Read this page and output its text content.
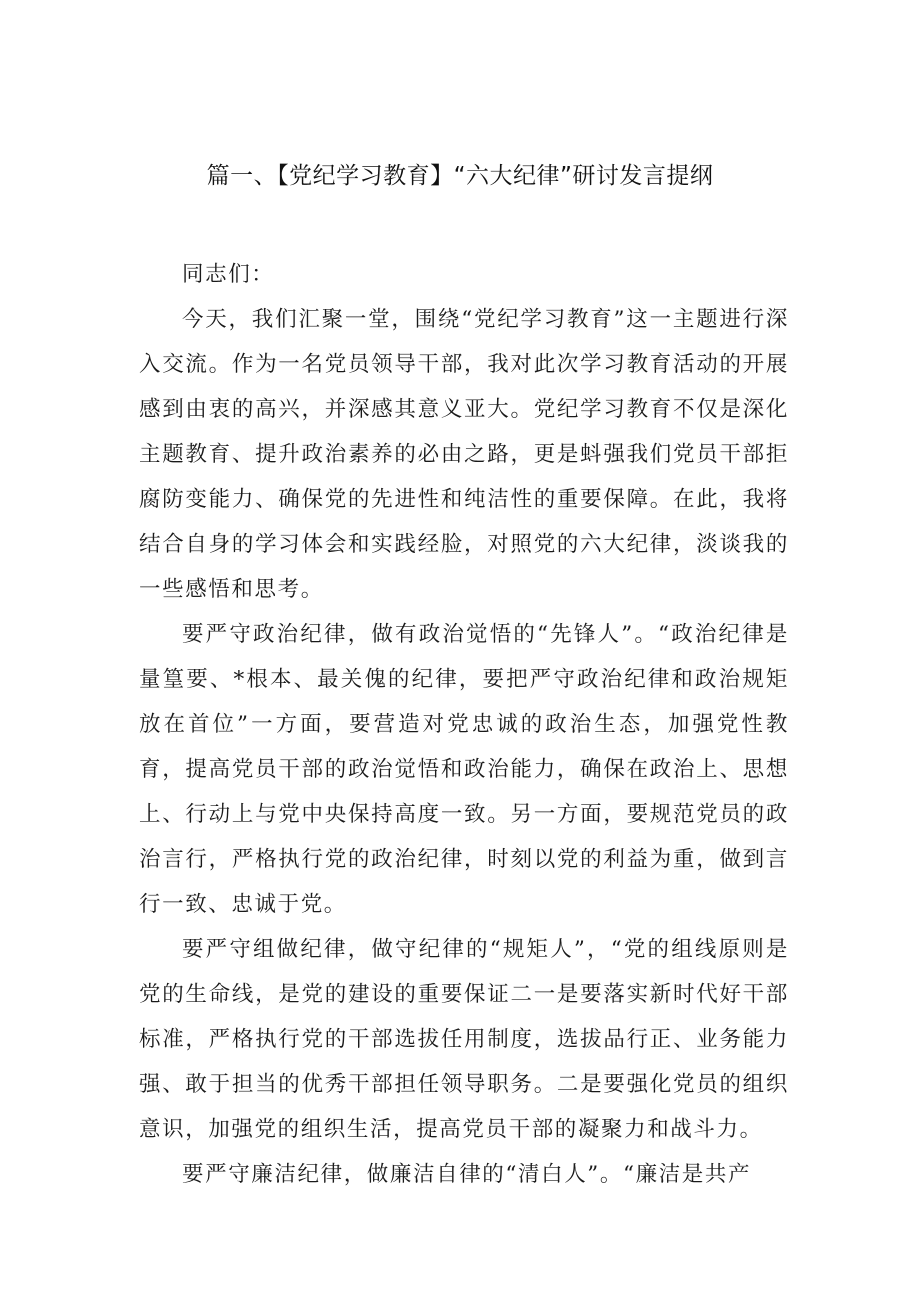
篇一、【党纪学习教育】“六大纪律”研讨发言提纲

同志们：

今天，我们汇聚一堂，围绕“党纪学习教育”这一主题进行深入交流。作为一名党员领导干部，我对此次学习教育活动的开展感到由衷的高兴，并深感其意义亚大。党纪学习教育不仅是深化主题教育、提升政治素养的必由之路，更是蚪强我们党员干部拒腐防变能力、确保党的先进性和纯洁性的重要保障。在此，我将结合自身的学习体会和实践经脸，对照党的六大纪律，淡谈我的一些感悟和思考。

要严守政治纪律，做有政治觉悟的“先锋人”。“政治纪律是量篁要、*根本、最关傀的纪律，要把严守政治纪律和政治规矩放在首位”一方面，要营造对党忠诚的政治生态，加强党性教育，提高党员干部的政治觉悟和政治能力，确保在政治上、思想上、行动上与党中央保持高度一致。另一方面，要规范党员的政治言行，严格执行党的政治纪律，时刻以党的利益为重，做到言行一致、忠诚于党。

要严守组做纪律，做守纪律的“规矩人”，“党的组线原则是党的生命线，是党的建设的重要保证二一是要落实新时代好干部标准，严格执行党的干部选拔任用制度，选拔品行正、业务能力强、敢于担当的优秀干部担任领导职务。二是要强化党员的组织意识，加强党的组织生活，提高党员干部的凝聚力和战斗力。

要严守廉洁纪律，做廉洁自律的“清白人”。“廉洁是共产
